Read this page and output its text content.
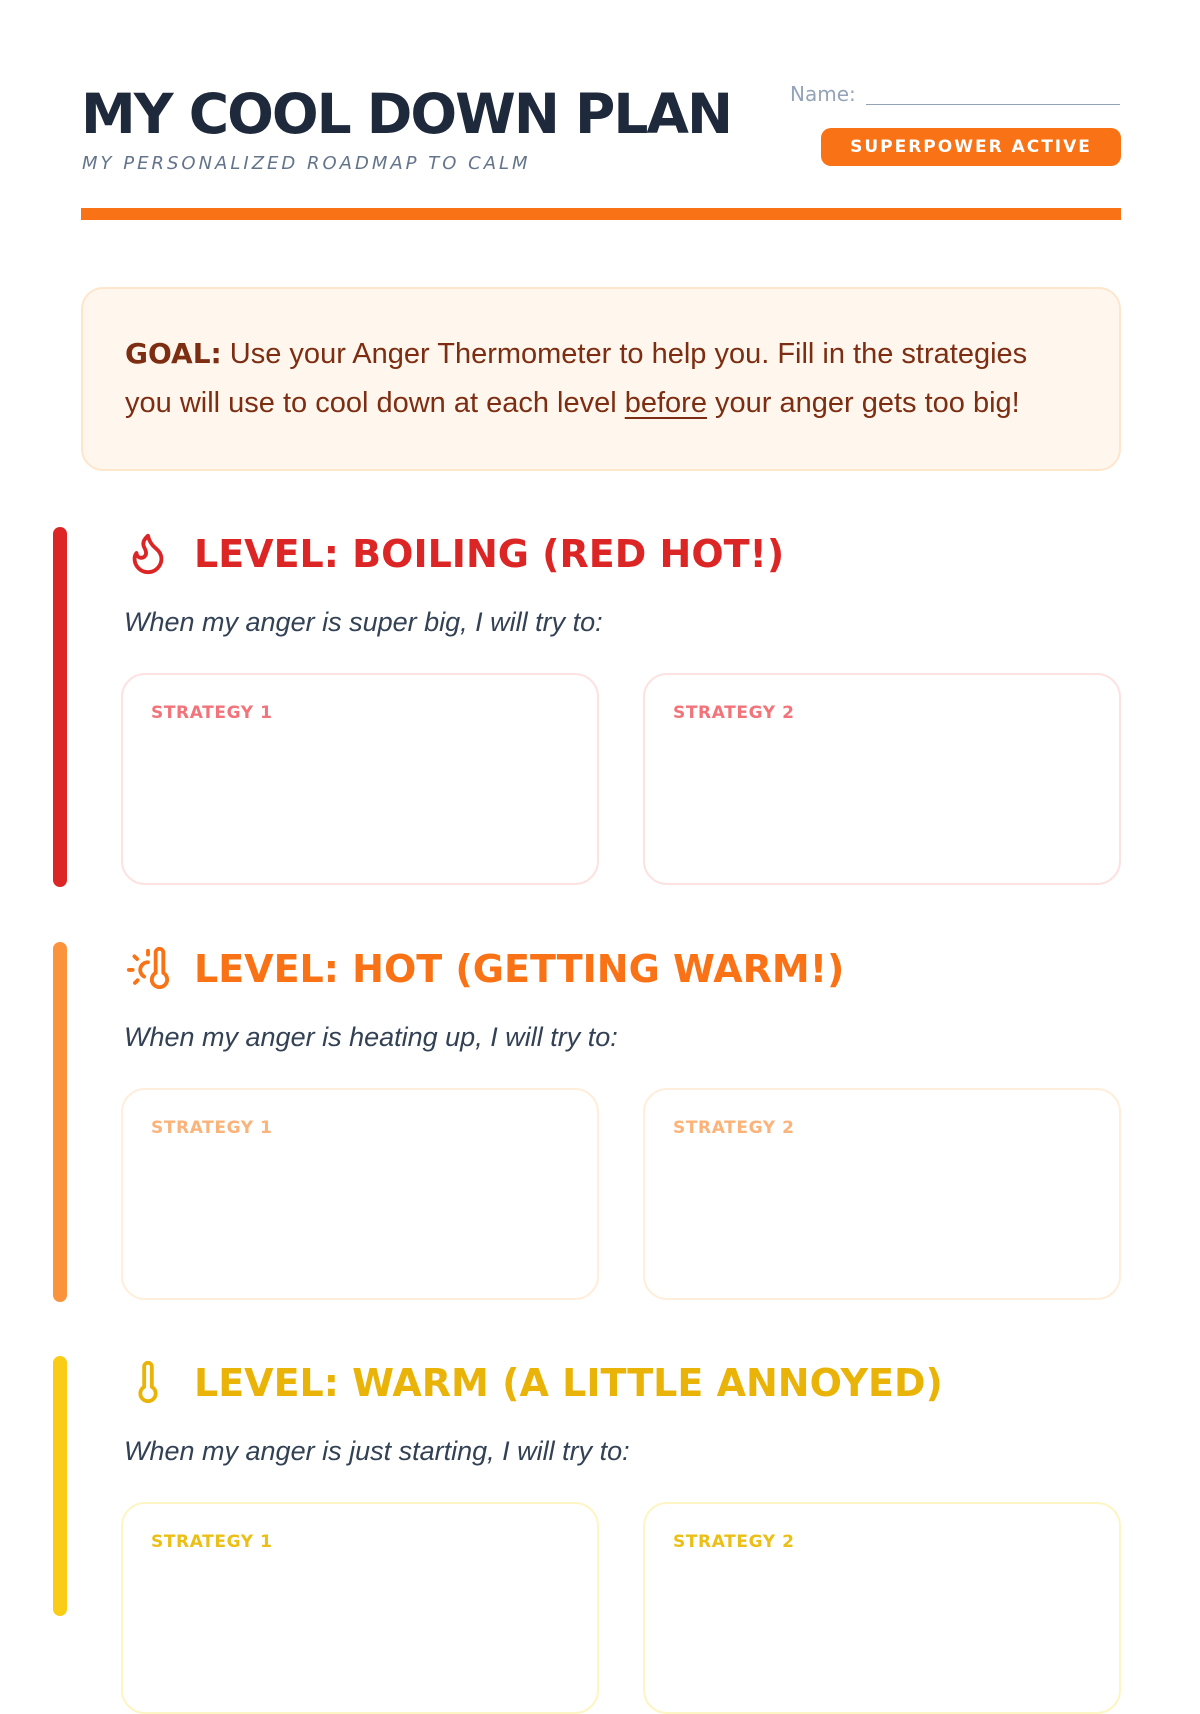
MY COOL DOWN PLAN
MY PERSONALIZED ROADMAP TO CALM
Name:
SUPERPOWER ACTIVE
GOAL: Use your Anger Thermometer to help you. Fill in the strategies you will use to cool down at each level before your anger gets too big!
LEVEL: BOILING (RED HOT!)
When my anger is super big, I will try to:
STRATEGY 1	STRATEGY 2
LEVEL: HOT (GETTING WARM!)
When my anger is heating up, I will try to:
STRATEGY 1	STRATEGY 2
LEVEL: WARM (A LITTLE ANNOYED)
When my anger is just starting, I will try to:
STRATEGY 1	STRATEGY 2
